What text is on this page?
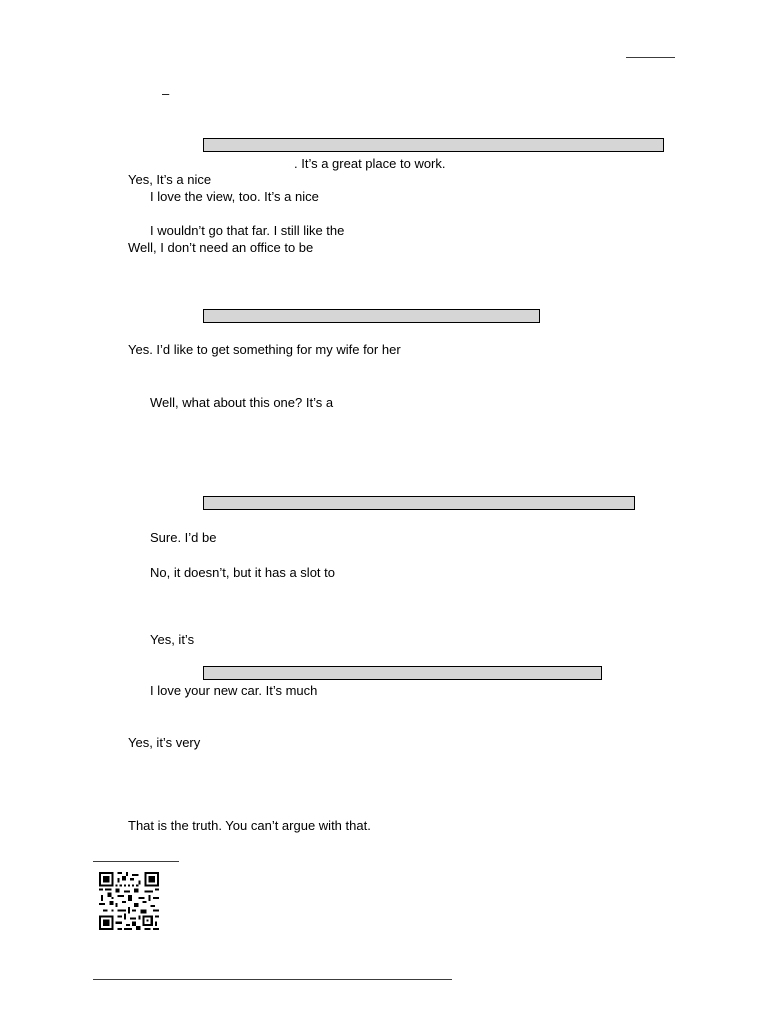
–
. It’s a great place to work.
Yes, It’s a nice
I love the view, too. It’s a nice
I wouldn’t go that far. I still like the
Well, I don’t need an office to be
Yes. I’d like to get something for my wife for her
Well, what about this one? It’s a
Sure. I’d be
No, it doesn’t, but it has a slot to
Yes, it’s
I love your new car. It’s much
Yes, it’s very
That is the truth. You can’t argue with that.
